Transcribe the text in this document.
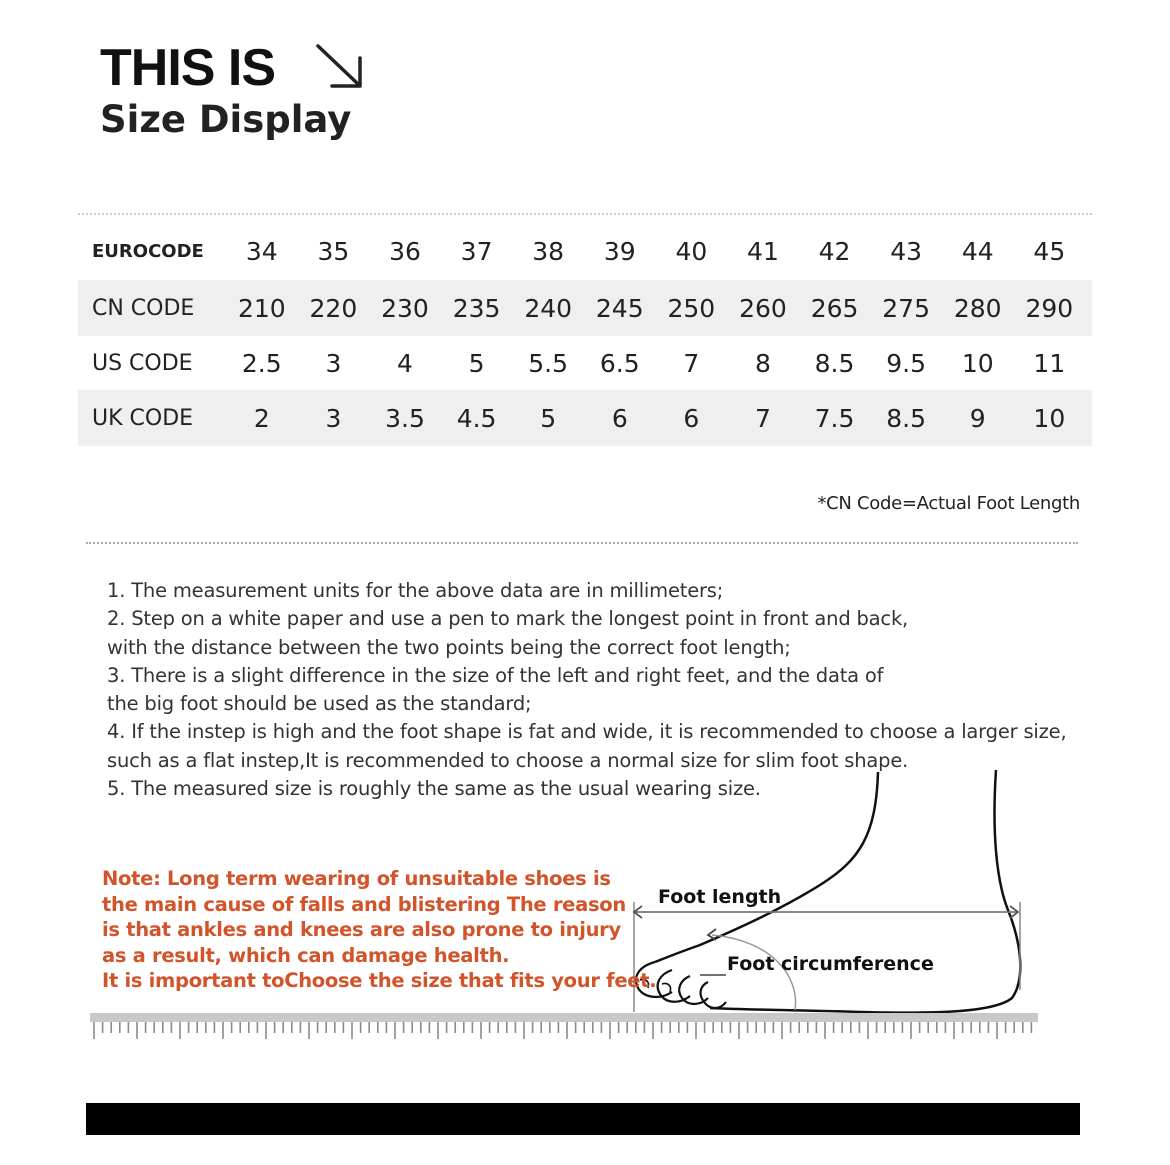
THIS IS
Size Display
EUROCODE	34	35	36	37	38	39	40	41	42	43	44	45
CN CODE	210 220 230 235 240 245 250 260 265 275 280 290
US CODE	2.5	3	4	5	5.5	6.5	7	8	8.5	9.5	10	11
UK CODE	2	3	3.5	4.5	5	6	6	7	7.5	8.5	9	10
*CN Code=Actual Foot Length

1. The measurement units for the above data are in millimeters;

2. Step on a white paper and use a pen to mark the longest point in front and back,

with the distance between the two points being the correct foot length;

3. There is a slight difference in the size of the left and right feet, and the data of

the big foot should be used as the standard;

4. If the instep is high and the foot shape is fat and wide, it is recommended to choose a larger size,

such as a flat instep,It is recommended to choose a normal size for slim foot shape.

5. The measured size is roughly the same as the usual wearing size.

Foot length
Foot circumference

Note: Long term wearing of unsuitable shoes is

the main cause of falls and blistering The reason

is that ankles and knees are also prone to injury

as a result, which can damage health.

It is important toChoose the size that fits your feet.
